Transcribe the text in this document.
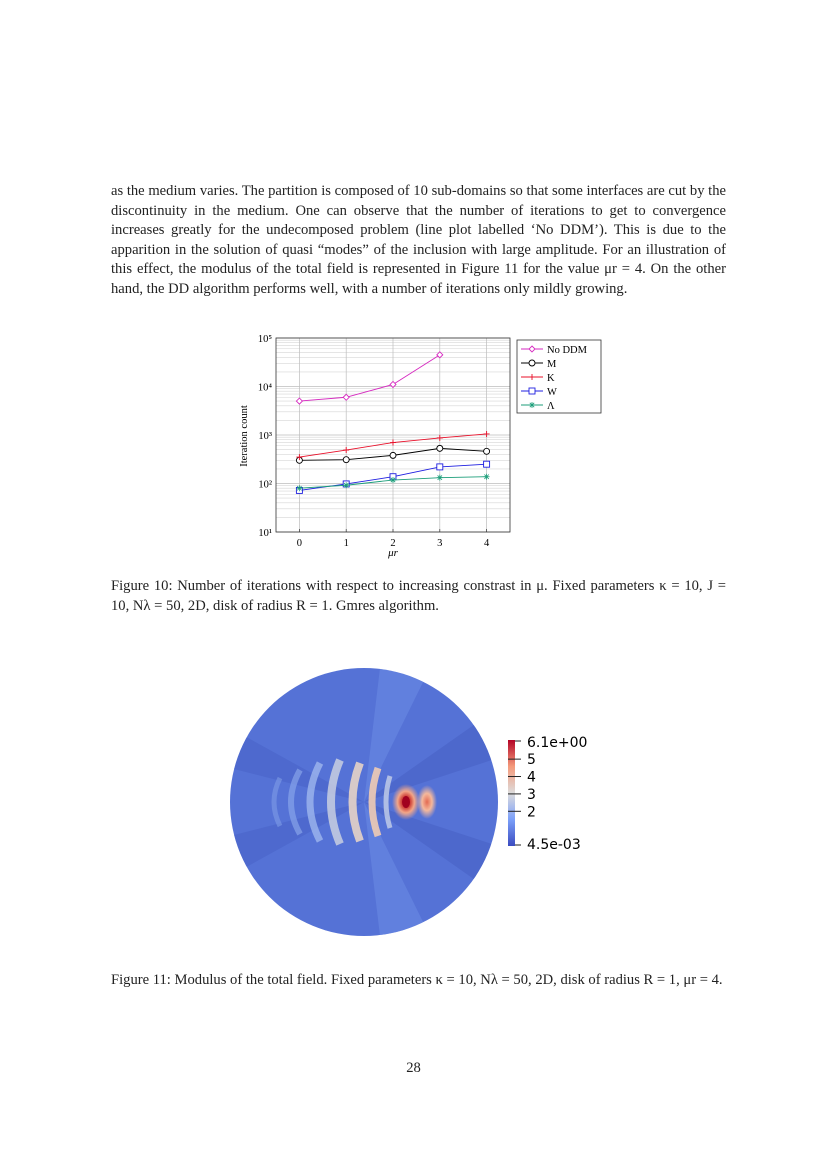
as the medium varies. The partition is composed of 10 sub-domains so that some interfaces are cut by the discontinuity in the medium. One can observe that the number of iterations to get to convergence increases greatly for the undecomposed problem (line plot labelled ‘No DDM’). This is due to the apparition in the solution of quasi “modes” of the inclusion with large amplitude. For an illustration of this effect, the modulus of the total field is represented in Figure 11 for the value μr = 4. On the other hand, the DD algorithm performs well, with a number of iterations only mildly growing.

0	1	2	3	4
10¹
10²
10³
10⁴
10⁵
μr
Iteration count
No DDM
M
K
W
Λ

Figure 10: Number of iterations with respect to increasing constrast in μ. Fixed parameters κ = 10, J = 10, Nλ = 50, 2D, disk of radius R = 1. Gmres algorithm.

5
4
3
2
6.1e+00
4.5e-03

Figure 11: Modulus of the total field. Fixed parameters κ = 10, Nλ = 50, 2D, disk of radius R = 1, μr = 4.

28
